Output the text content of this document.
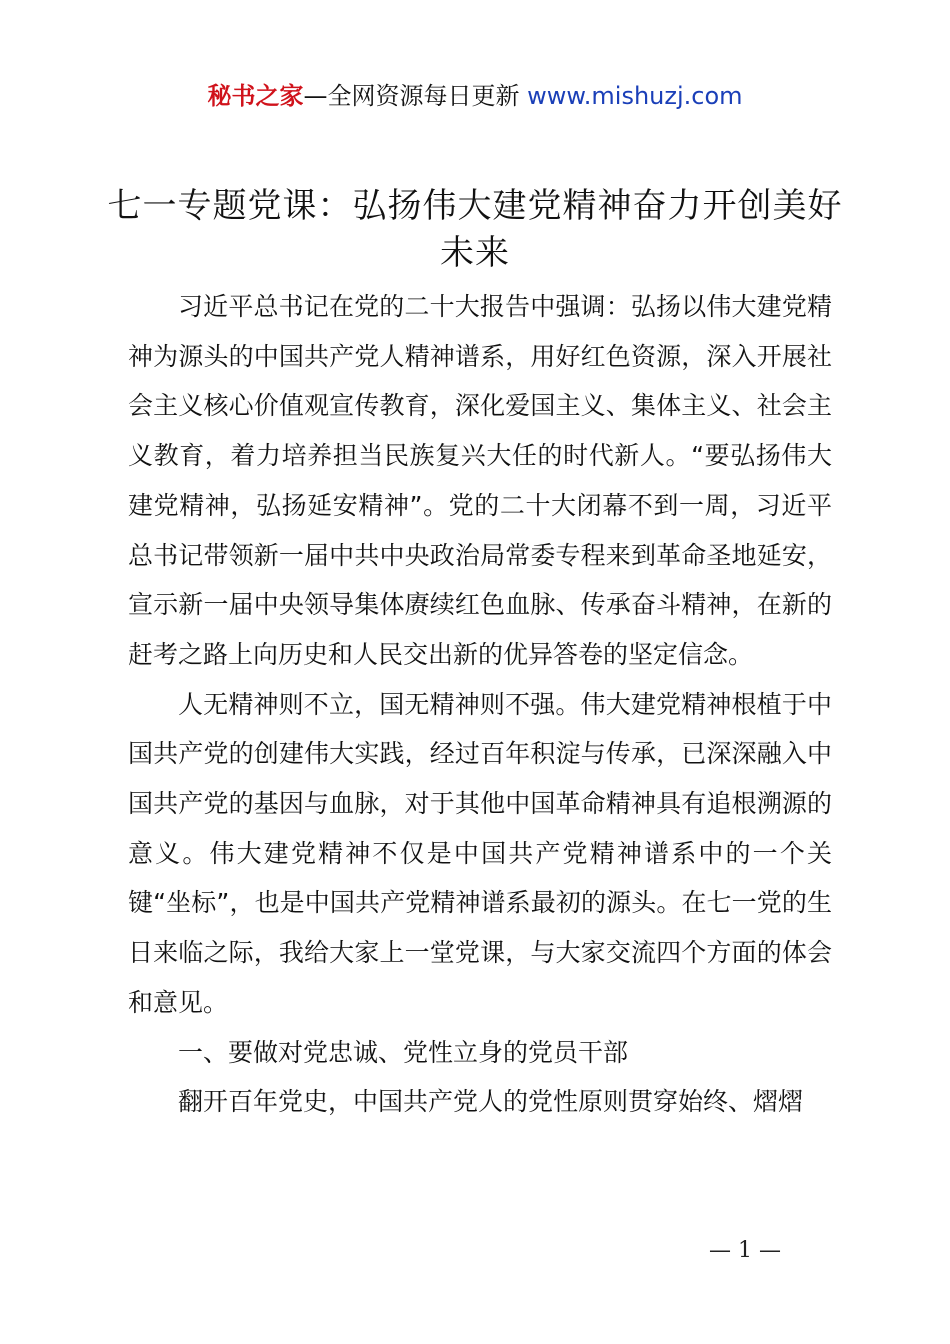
秘书之家—全网资源每日更新 www.mishuzj.com
七一专题党课：弘扬伟大建党精神奋力开创美好未来

习近平总书记在党的二十大报告中强调：弘扬以伟大建党精神为源头的中国共产党人精神谱系，用好红色资源，深入开展社会主义核心价值观宣传教育，深化爱国主义、集体主义、社会主义教育，着力培养担当民族复兴大任的时代新人。“要弘扬伟大建党精神，弘扬延安精神”。党的二十大闭幕不到一周，习近平总书记带领新一届中共中央政治局常委专程来到革命圣地延安，宣示新一届中央领导集体赓续红色血脉、传承奋斗精神，在新的赶考之路上向历史和人民交出新的优异答卷的坚定信念。

人无精神则不立，国无精神则不强。伟大建党精神根植于中国共产党的创建伟大实践，经过百年积淀与传承，已深深融入中国共产党的基因与血脉，对于其他中国革命精神具有追根溯源的意义。伟大建党精神不仅是中国共产党精神谱系中的一个关键“坐标”，也是中国共产党精神谱系最初的源头。在七一党的生日来临之际，我给大家上一堂党课，与大家交流四个方面的体会和意见。

一、要做对党忠诚、党性立身的党员干部

翻开百年党史，中国共产党人的党性原则贯穿始终、熠熠

— 1 —
